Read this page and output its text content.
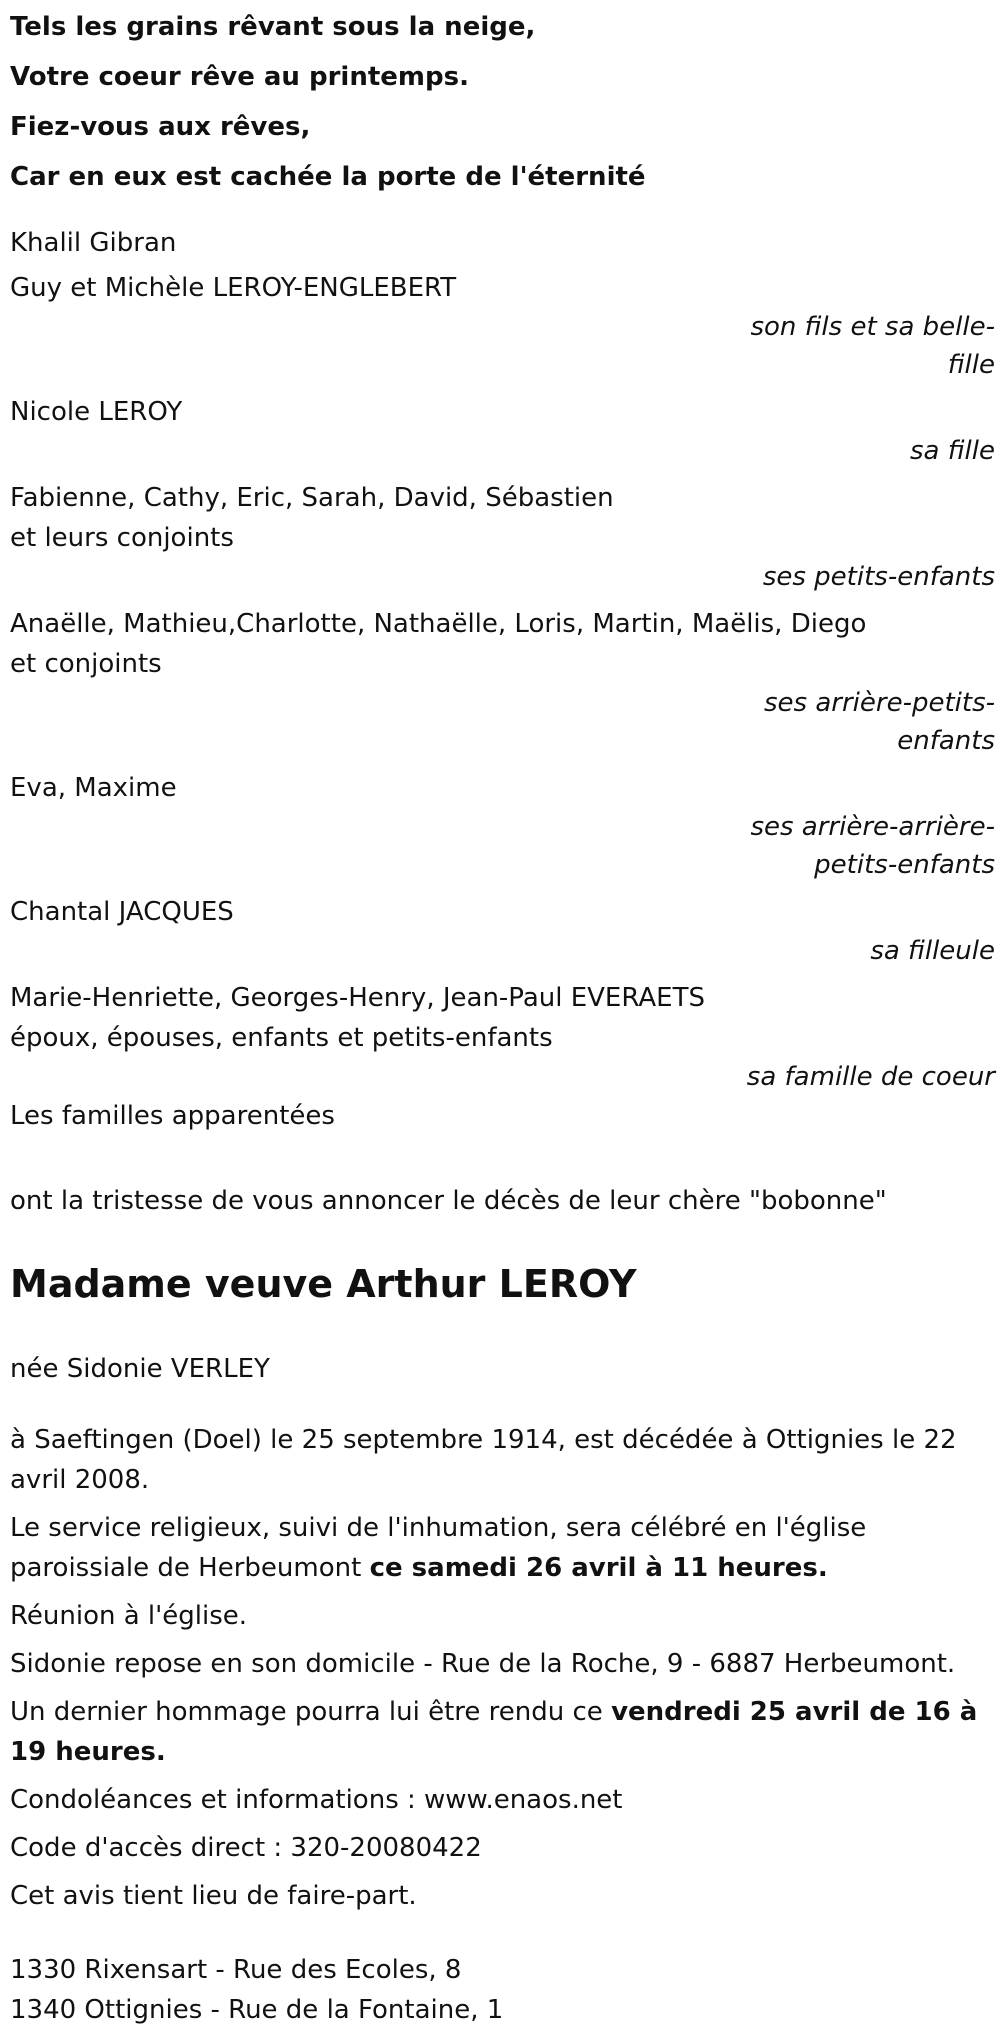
Tels les grains rêvant sous la neige,
Votre coeur rêve au printemps.
Fiez-vous aux rêves,
Car en eux est cachée la porte de l'éternité
Khalil Gibran
Guy et Michèle LEROY-ENGLEBERT
son fils et sa belle-fille
Nicole LEROY
sa fille
Fabienne, Cathy, Eric, Sarah, David, Sébastien
et leurs conjoints
ses petits-enfants
Anaëlle, Mathieu,Charlotte, Nathaëlle, Loris, Martin, Maëlis, Diego
et conjoints
ses arrière-petits-enfants
Eva, Maxime
ses arrière-arrière-petits-enfants
Chantal JACQUES
sa filleule
Marie-Henriette, Georges-Henry, Jean-Paul EVERAETS
époux, épouses, enfants et petits-enfants
sa famille de coeur
Les familles apparentées
ont la tristesse de vous annoncer le décès de leur chère "bobonne"
Madame veuve Arthur LEROY
née Sidonie VERLEY
à Saeftingen (Doel) le 25 septembre 1914, est décédée à Ottignies le 22 avril 2008.
Le service religieux, suivi de l'inhumation, sera célébré en l'église paroissiale de Herbeumont ce samedi 26 avril à 11 heures.
Réunion à l'église.
Sidonie repose en son domicile - Rue de la Roche, 9 - 6887 Herbeumont.
Un dernier hommage pourra lui être rendu ce vendredi 25 avril de 16 à 19 heures.
Condoléances et informations : www.enaos.net
Code d'accès direct : 320-20080422
Cet avis tient lieu de faire-part.
1330 Rixensart - Rue des Ecoles, 8
1340 Ottignies - Rue de la Fontaine, 1
